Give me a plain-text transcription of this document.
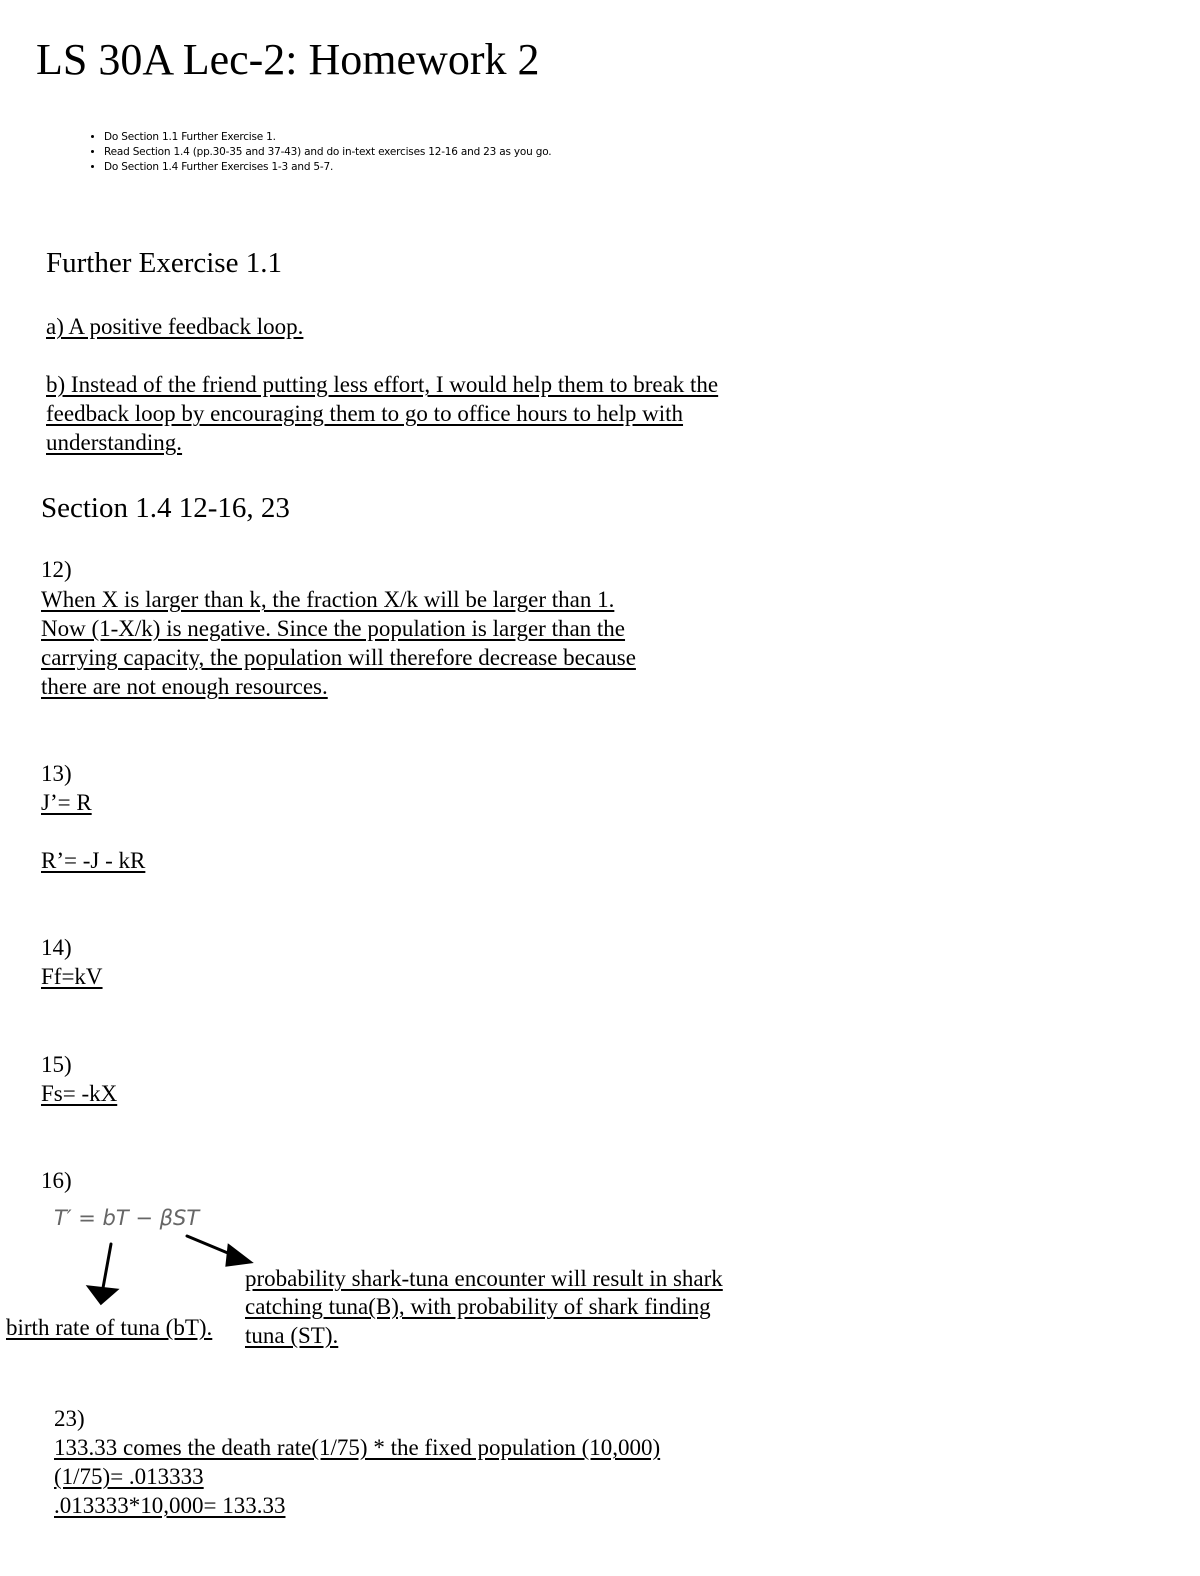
LS 30A Lec-2: Homework 2
• Do Section 1.1 Further Exercise 1.
• Read Section 1.4 (pp.30-35 and 37-43) and do in-text exercises 12-16 and 23 as you go.
• Do Section 1.4 Further Exercises 1-3 and 5-7.
Further Exercise 1.1
a) A positive feedback loop.
b) Instead of the friend putting less effort, I would help them to break the
feedback loop by encouraging them to go to office hours to help with
understanding.
Section 1.4 12-16, 23
12)
When X is larger than k, the fraction X/k will be larger than 1.
Now (1-X/k) is negative. Since the population is larger than the
carrying capacity, the population will therefore decrease because
there are not enough resources.
13)
J’= R
R’= -J - kR
14)
Ff=kV
15)
Fs= -kX
16)
T′ = bT − βST
probability shark-tuna encounter will result in shark
catching tuna(B), with probability of shark finding
tuna (ST).
birth rate of tuna (bT).
23)
133.33 comes the death rate(1/75) * the fixed population (10,000)
(1/75)= .013333
.013333*10,000= 133.33
